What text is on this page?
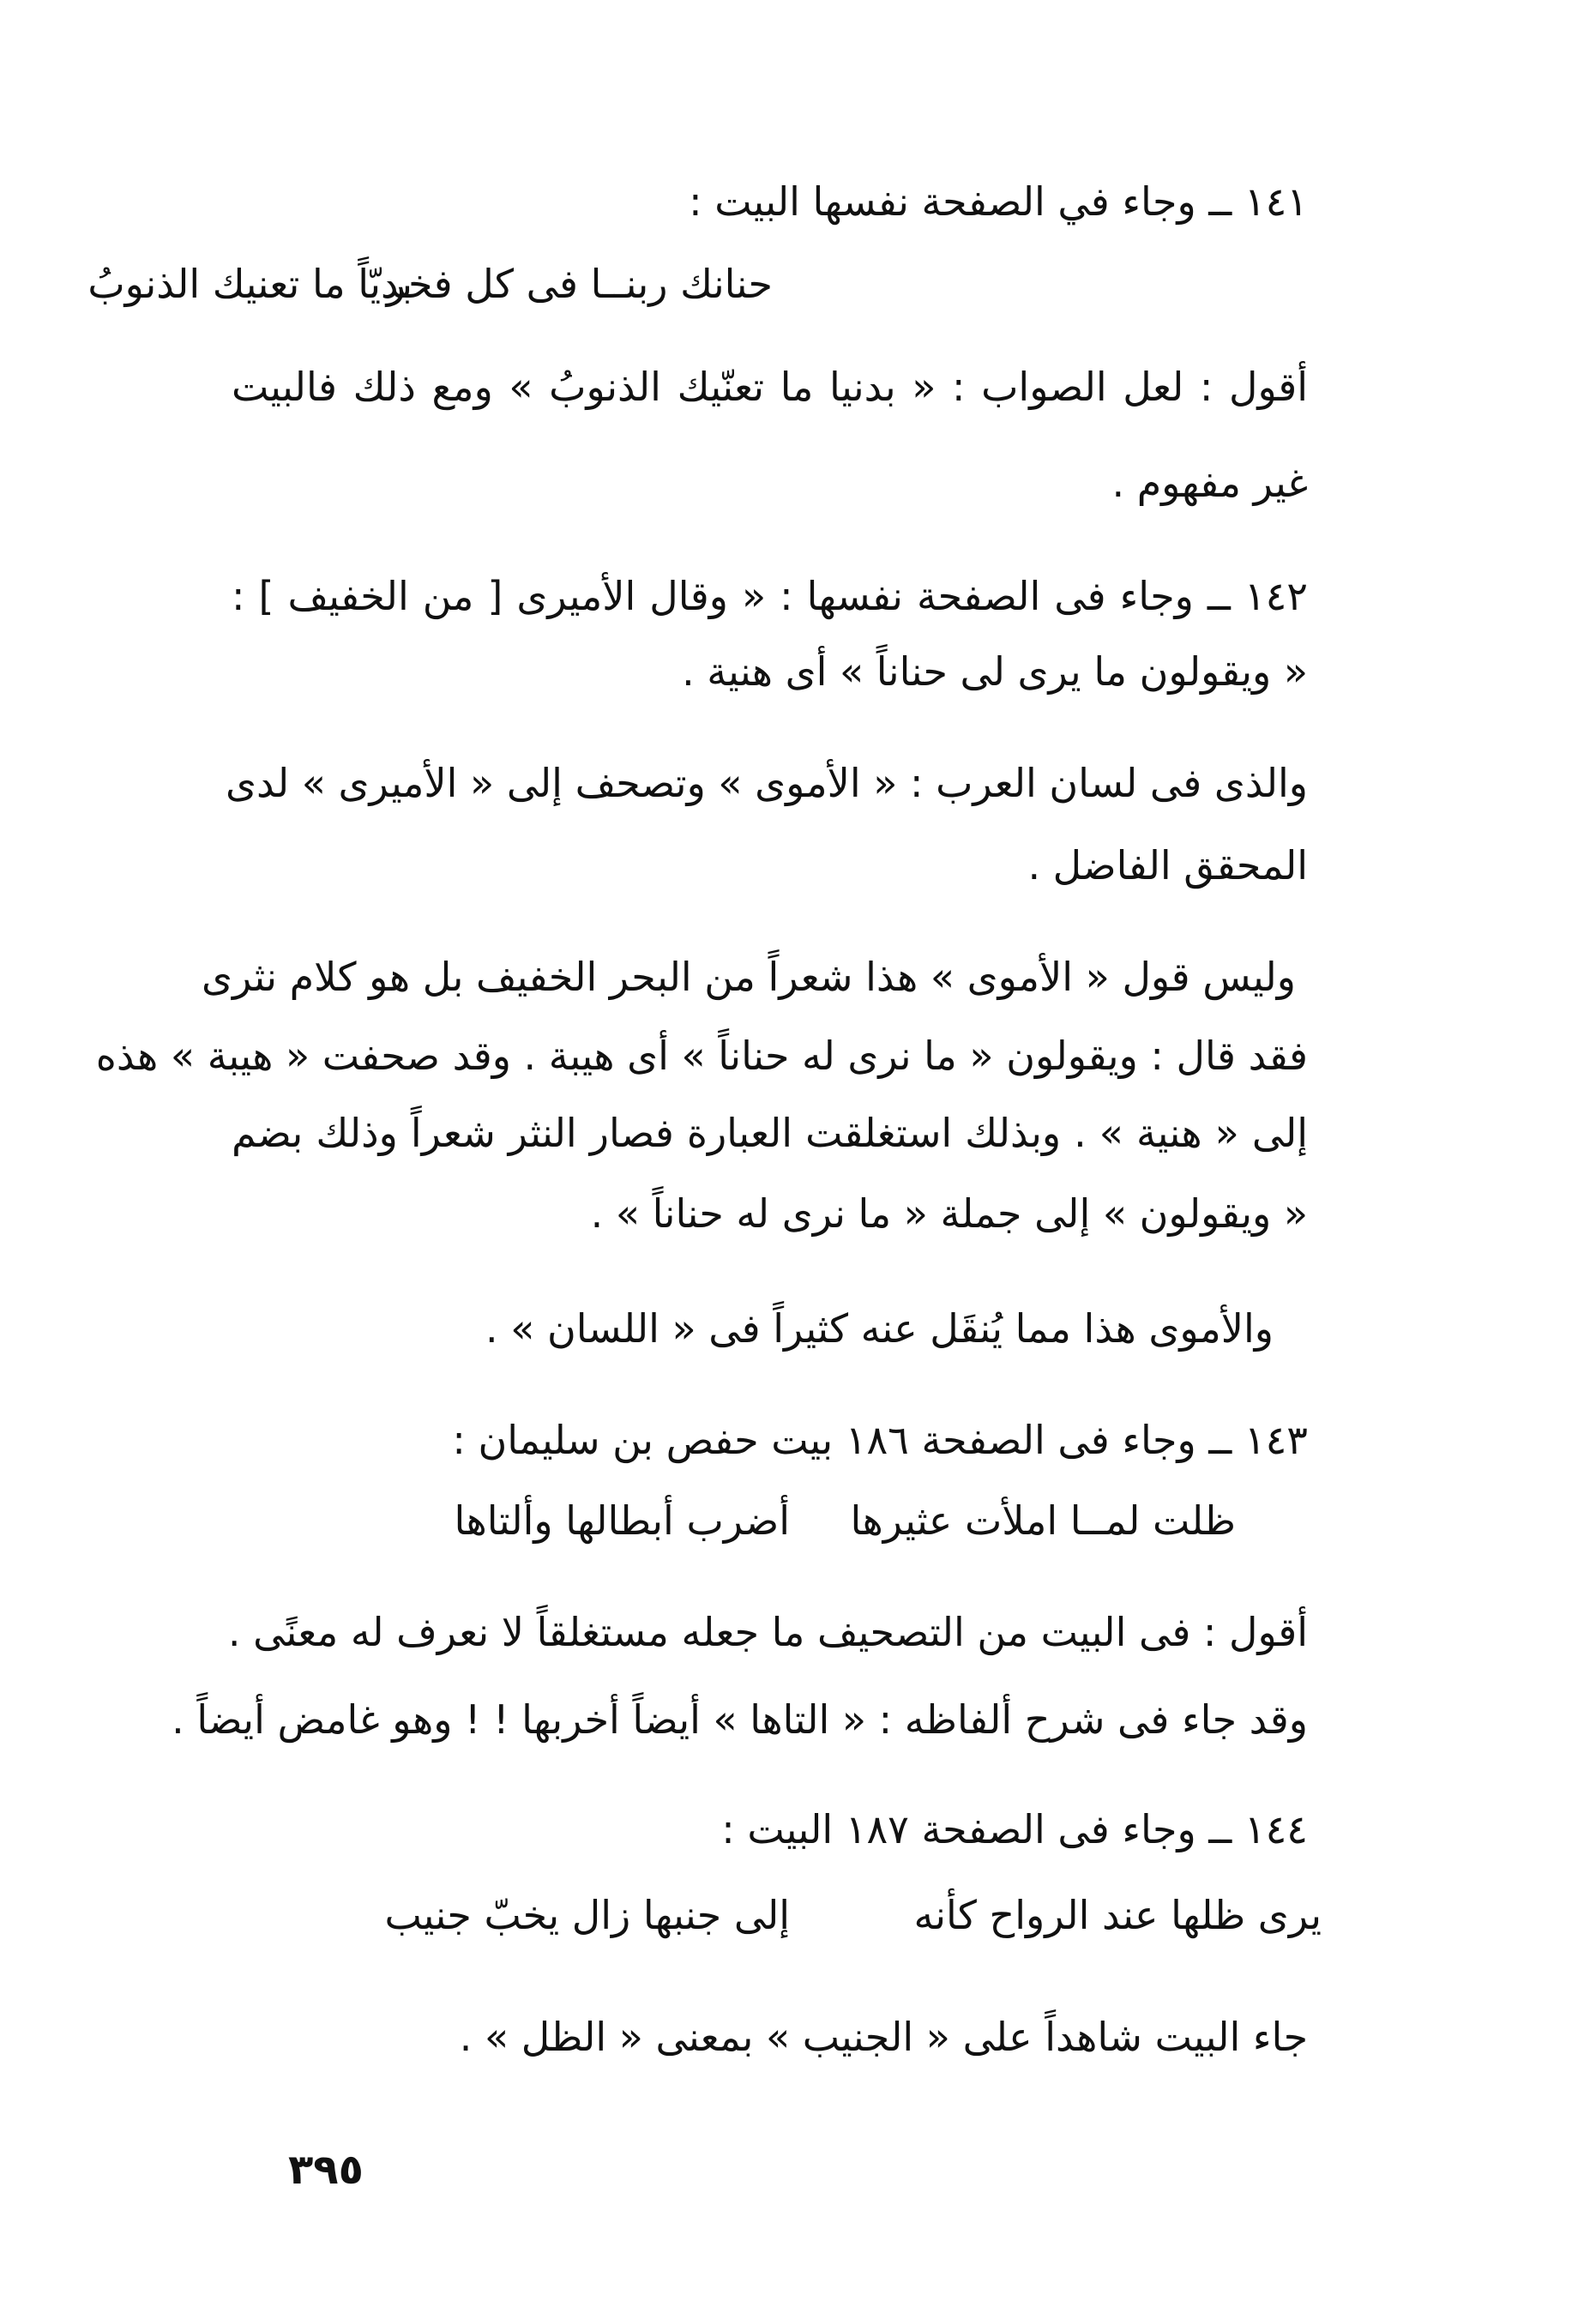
١٤١ ــ وجاء في الصفحة نفسها البيت :
حنانك ربنــا فى كل فخر
بديّاً ما تعنيك الذنوبُ
أقول : لعل الصواب : « بدنيا ما تعنّيك الذنوبُ » ومع ذلك فالبيت
غير مفهوم .
١٤٢ ــ وجاء فى الصفحة نفسها : « وقال الأميرى [ من الخفيف ] :
« ويقولون ما يرى لى حناناً » أى هنية .
والذى فى لسان العرب : « الأموى » وتصحف إلى « الأميرى » لدى
المحقق الفاضل .
وليس قول « الأموى » هذا شعراً من البحر الخفيف بل هو كلام نثرى
فقد قال : ويقولون « ما نرى له حناناً » أى هيبة . وقد صحفت « هيبة » هذه
إلى « هنية » . وبذلك استغلقت العبارة فصار النثر شعراً وذلك بضم
« ويقولون » إلى جملة « ما نرى له حناناً » .
والأموى هذا مما يُنقَل عنه كثيراً فى « اللسان » .
١٤٣ ــ وجاء فى الصفحة ١٨٦ بيت حفص بن سليمان :
ظلت لمــا املأت عثيرها
أضرب أبطالها وألتاها
أقول : فى البيت من التصحيف ما جعله مستغلقاً لا نعرف له معنًى .
وقد جاء فى شرح ألفاظه : « التاها » أيضاً أخربها ! ! وهو غامض أيضاً .
١٤٤ ــ وجاء فى الصفحة ١٨٧ البيت :
يرى ظلها عند الرواح كأنه
إلى جنبها زال يخبّ جنيب
جاء البيت شاهداً على « الجنيب » بمعنى « الظل » .
٣٩٥
